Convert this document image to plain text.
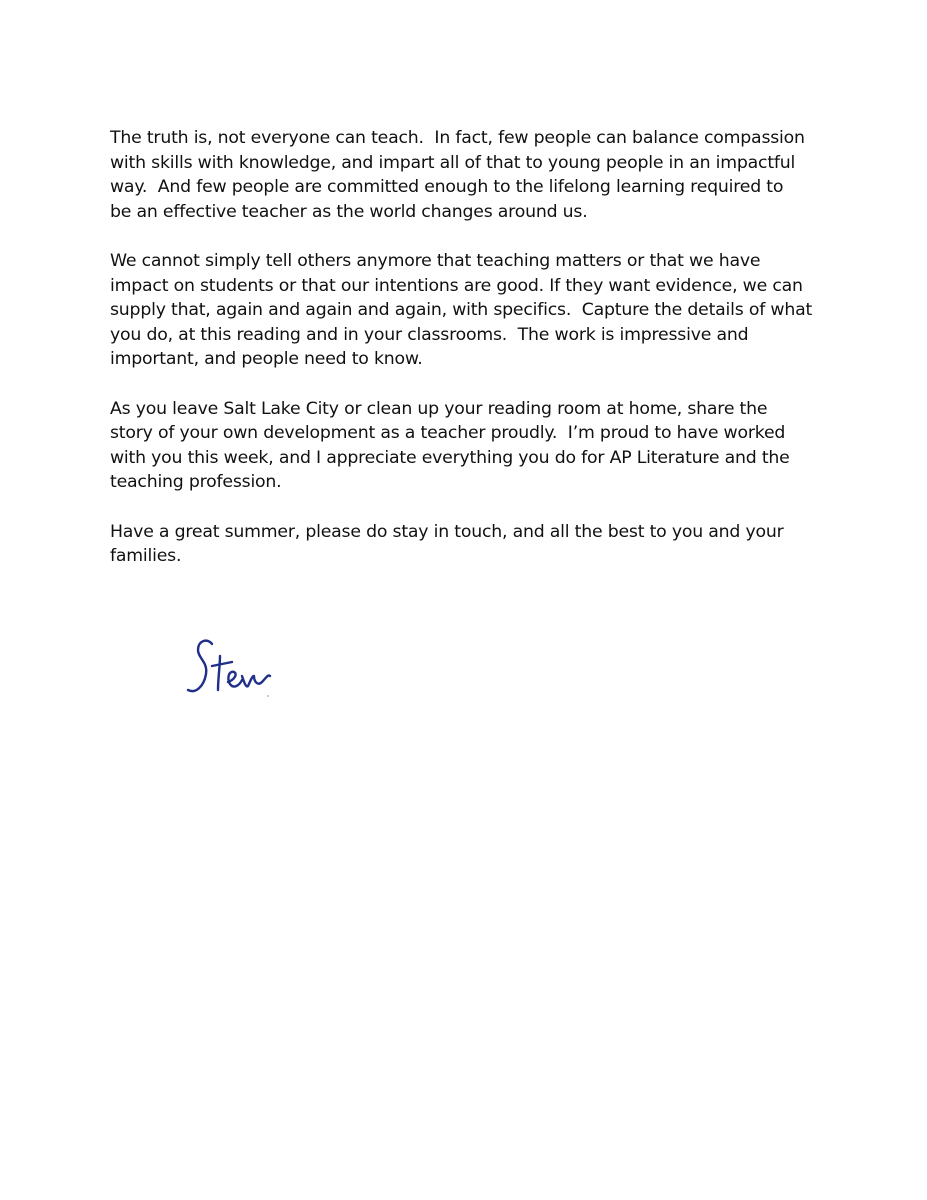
The truth is, not everyone can teach.  In fact, few people can balance compassion
with skills with knowledge, and impart all of that to young people in an impactful
way.  And few people are committed enough to the lifelong learning required to
be an effective teacher as the world changes around us.

We cannot simply tell others anymore that teaching matters or that we have
impact on students or that our intentions are good. If they want evidence, we can
supply that, again and again and again, with specifics.  Capture the details of what
you do, at this reading and in your classrooms.  The work is impressive and
important, and people need to know.

As you leave Salt Lake City or clean up your reading room at home, share the
story of your own development as a teacher proudly.  I’m proud to have worked
with you this week, and I appreciate everything you do for AP Literature and the
teaching profession.

Have a great summer, please do stay in touch, and all the best to you and your
families.
